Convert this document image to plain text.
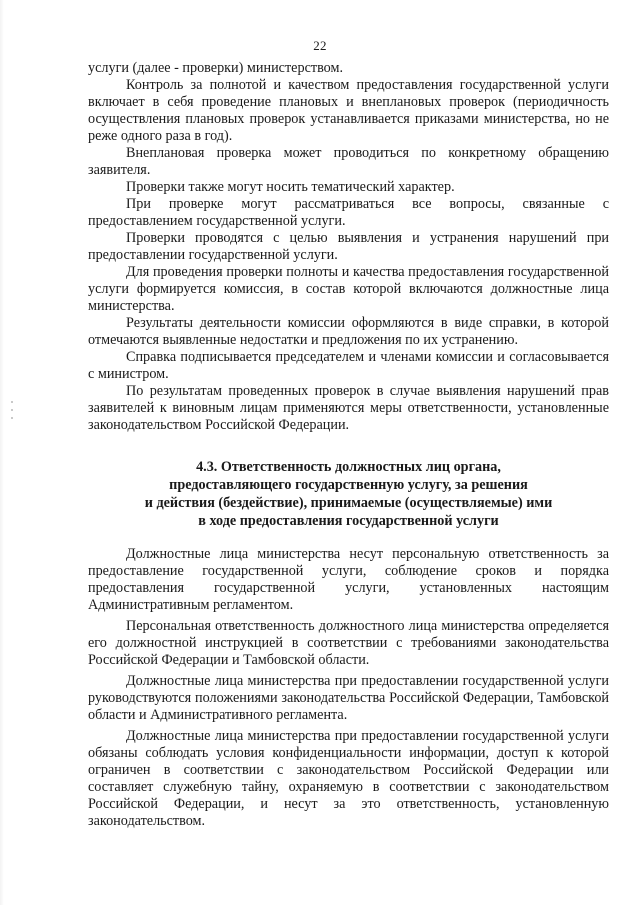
22

услуги (далее - проверки) министерством.

Контроль за полнотой и качеством предоставления государственной услуги включает в себя проведение плановых и внеплановых проверок (периодичность осуществления плановых проверок устанавливается приказами министерства, но не реже одного раза в год).

Внеплановая проверка может проводиться по конкретному обращению заявителя.

Проверки также могут носить тематический характер.

При проверке могут рассматриваться все вопросы, связанные с предоставлением государственной услуги.

Проверки проводятся с целью выявления и устранения нарушений при предоставлении государственной услуги.

Для проведения проверки полноты и качества предоставления государственной услуги формируется комиссия, в состав которой включаются должностные лица министерства.

Результаты деятельности комиссии оформляются в виде справки, в которой отмечаются выявленные недостатки и предложения по их устранению.

Справка подписывается председателем и членами комиссии и согласовывается с министром.

По результатам проведенных проверок в случае выявления нарушений прав заявителей к виновным лицам применяются меры ответственности, установленные законодательством Российской Федерации.

4.3. Ответственность должностных лиц органа,
предоставляющего государственную услугу, за решения
и действия (бездействие), принимаемые (осуществляемые) ими
в ходе предоставления государственной услуги

Должностные лица министерства несут персональную ответственность за предоставление государственной услуги, соблюдение сроков и порядка предоставления государственной услуги, установленных настоящим Административным регламентом.

Персональная ответственность должностного лица министерства определяется его должностной инструкцией в соответствии с требованиями законодательства Российской Федерации и Тамбовской области.

Должностные лица министерства при предоставлении государственной услуги руководствуются положениями законодательства Российской Федерации, Тамбовской области и Административного регламента.

Должностные лица министерства при предоставлении государственной услуги обязаны соблюдать условия конфиденциальности информации, доступ к которой ограничен в соответствии с законодательством Российской Федерации или составляет служебную тайну, охраняемую в соответствии с законодательством Российской Федерации, и несут за это ответственность, установленную законодательством.
